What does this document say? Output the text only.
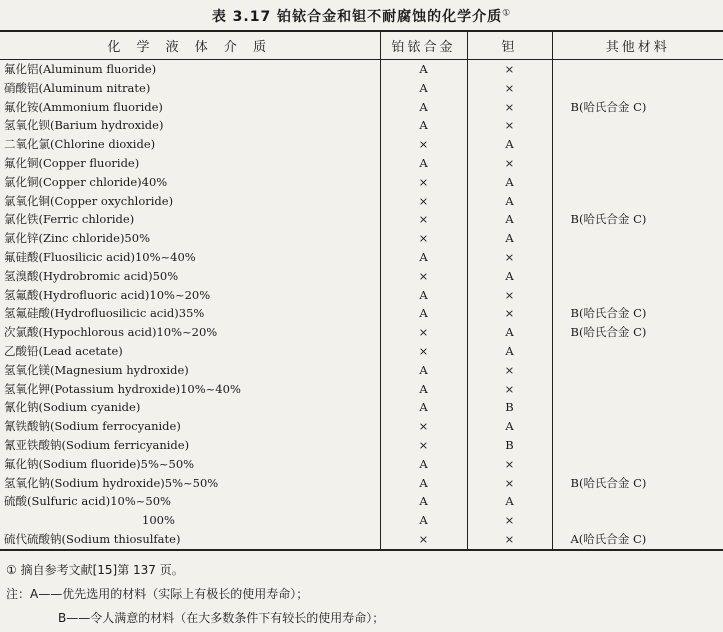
表 3.17 铂铱合金和钽不耐腐蚀的化学介质①
化 学 液 体 介 质	铂铱合金	钽	其他材料
氟化铝(Aluminum fluoride)	A	×	
硝酸铝(Aluminum nitrate)	A	×	
氟化铵(Ammonium fluoride)	A	×	B(哈氏合金 C)
氢氧化钡(Barium hydroxide)	A	×	
二氧化氯(Chlorine dioxide)	×	A	
氟化铜(Copper fluoride)	A	×	
氯化铜(Copper chloride)40%	×	A	
氯氧化铜(Copper oxychloride)	×	A	
氯化铁(Ferric chloride)	×	A	B(哈氏合金 C)
氯化锌(Zinc chloride)50%	×	A	
氟硅酸(Fluosilicic acid)10%~40%	A	×	
氢溴酸(Hydrobromic acid)50%	×	A	
氢氟酸(Hydrofluoric acid)10%~20%	A	×	
氢氟硅酸(Hydrofluosilicic acid)35%	A	×	B(哈氏合金 C)
次氯酸(Hypochlorous acid)10%~20%	×	A	B(哈氏合金 C)
乙酸铅(Lead acetate)	×	A	
氢氧化镁(Magnesium hydroxide)	A	×	
氢氧化钾(Potassium hydroxide)10%~40%	A	×	
氰化钠(Sodium cyanide)	A	B	
氰铁酸钠(Sodium ferrocyanide)	×	A	
氰亚铁酸钠(Sodium ferricyanide)	×	B	
氟化钠(Sodium fluoride)5%~50%	A	×	
氢氧化钠(Sodium hydroxide)5%~50%	A	×	B(哈氏合金 C)
硫酸(Sulfuric acid)10%~50%	A	A	
100%	A	×	
硫代硫酸钠(Sodium thiosulfate)	×	×	A(哈氏合金 C)
① 摘自参考文献[15]第 137 页。
注：A——优先选用的材料（实际上有极长的使用寿命）；
B——令人满意的材料（在大多数条件下有较长的使用寿命）；
